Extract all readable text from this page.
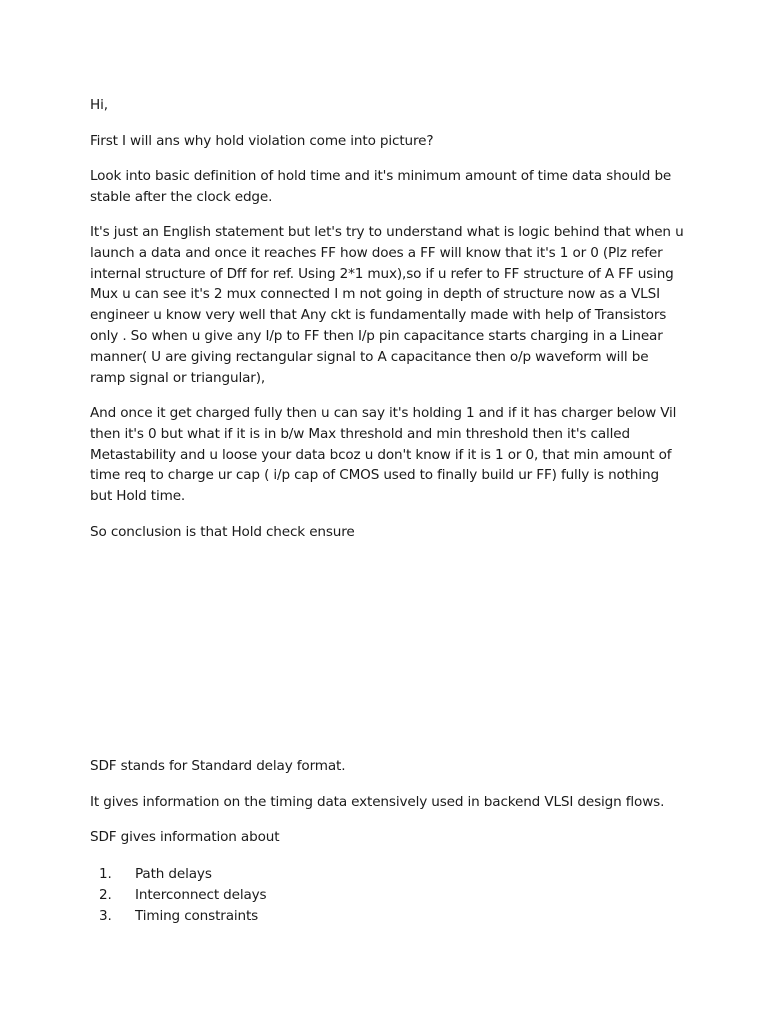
Hi,

First I will ans why hold violation come into picture?

Look into basic definition of hold time and it's minimum amount of time data should be
stable after the clock edge.

It's just an English statement but let's try to understand what is logic behind that when u
launch a data and once it reaches FF how does a FF will know that it's 1 or 0 (Plz refer
internal structure of Dff for ref. Using 2*1 mux),so if u refer to FF structure of A FF using
Mux u can see it's 2 mux connected I m not going in depth of structure now as a VLSI
engineer u know very well that Any ckt is fundamentally made with help of Transistors
only . So when u give any I/p to FF then I/p pin capacitance starts charging in a Linear
manner( U are giving rectangular signal to A capacitance then o/p waveform will be
ramp signal or triangular),

And once it get charged fully then u can say it's holding 1 and if it has charger below Vil
then it's 0 but what if it is in b/w Max threshold and min threshold then it's called
Metastability and u loose your data bcoz u don't know if it is 1 or 0, that min amount of
time req to charge ur cap ( i/p cap of CMOS used to finally build ur FF) fully is nothing
but Hold time.

So conclusion is that Hold check ensure

SDF stands for Standard delay format.

It gives information on the timing data extensively used in backend VLSI design flows.

SDF gives information about

1. Path delays
2. Interconnect delays
3. Timing constraints
